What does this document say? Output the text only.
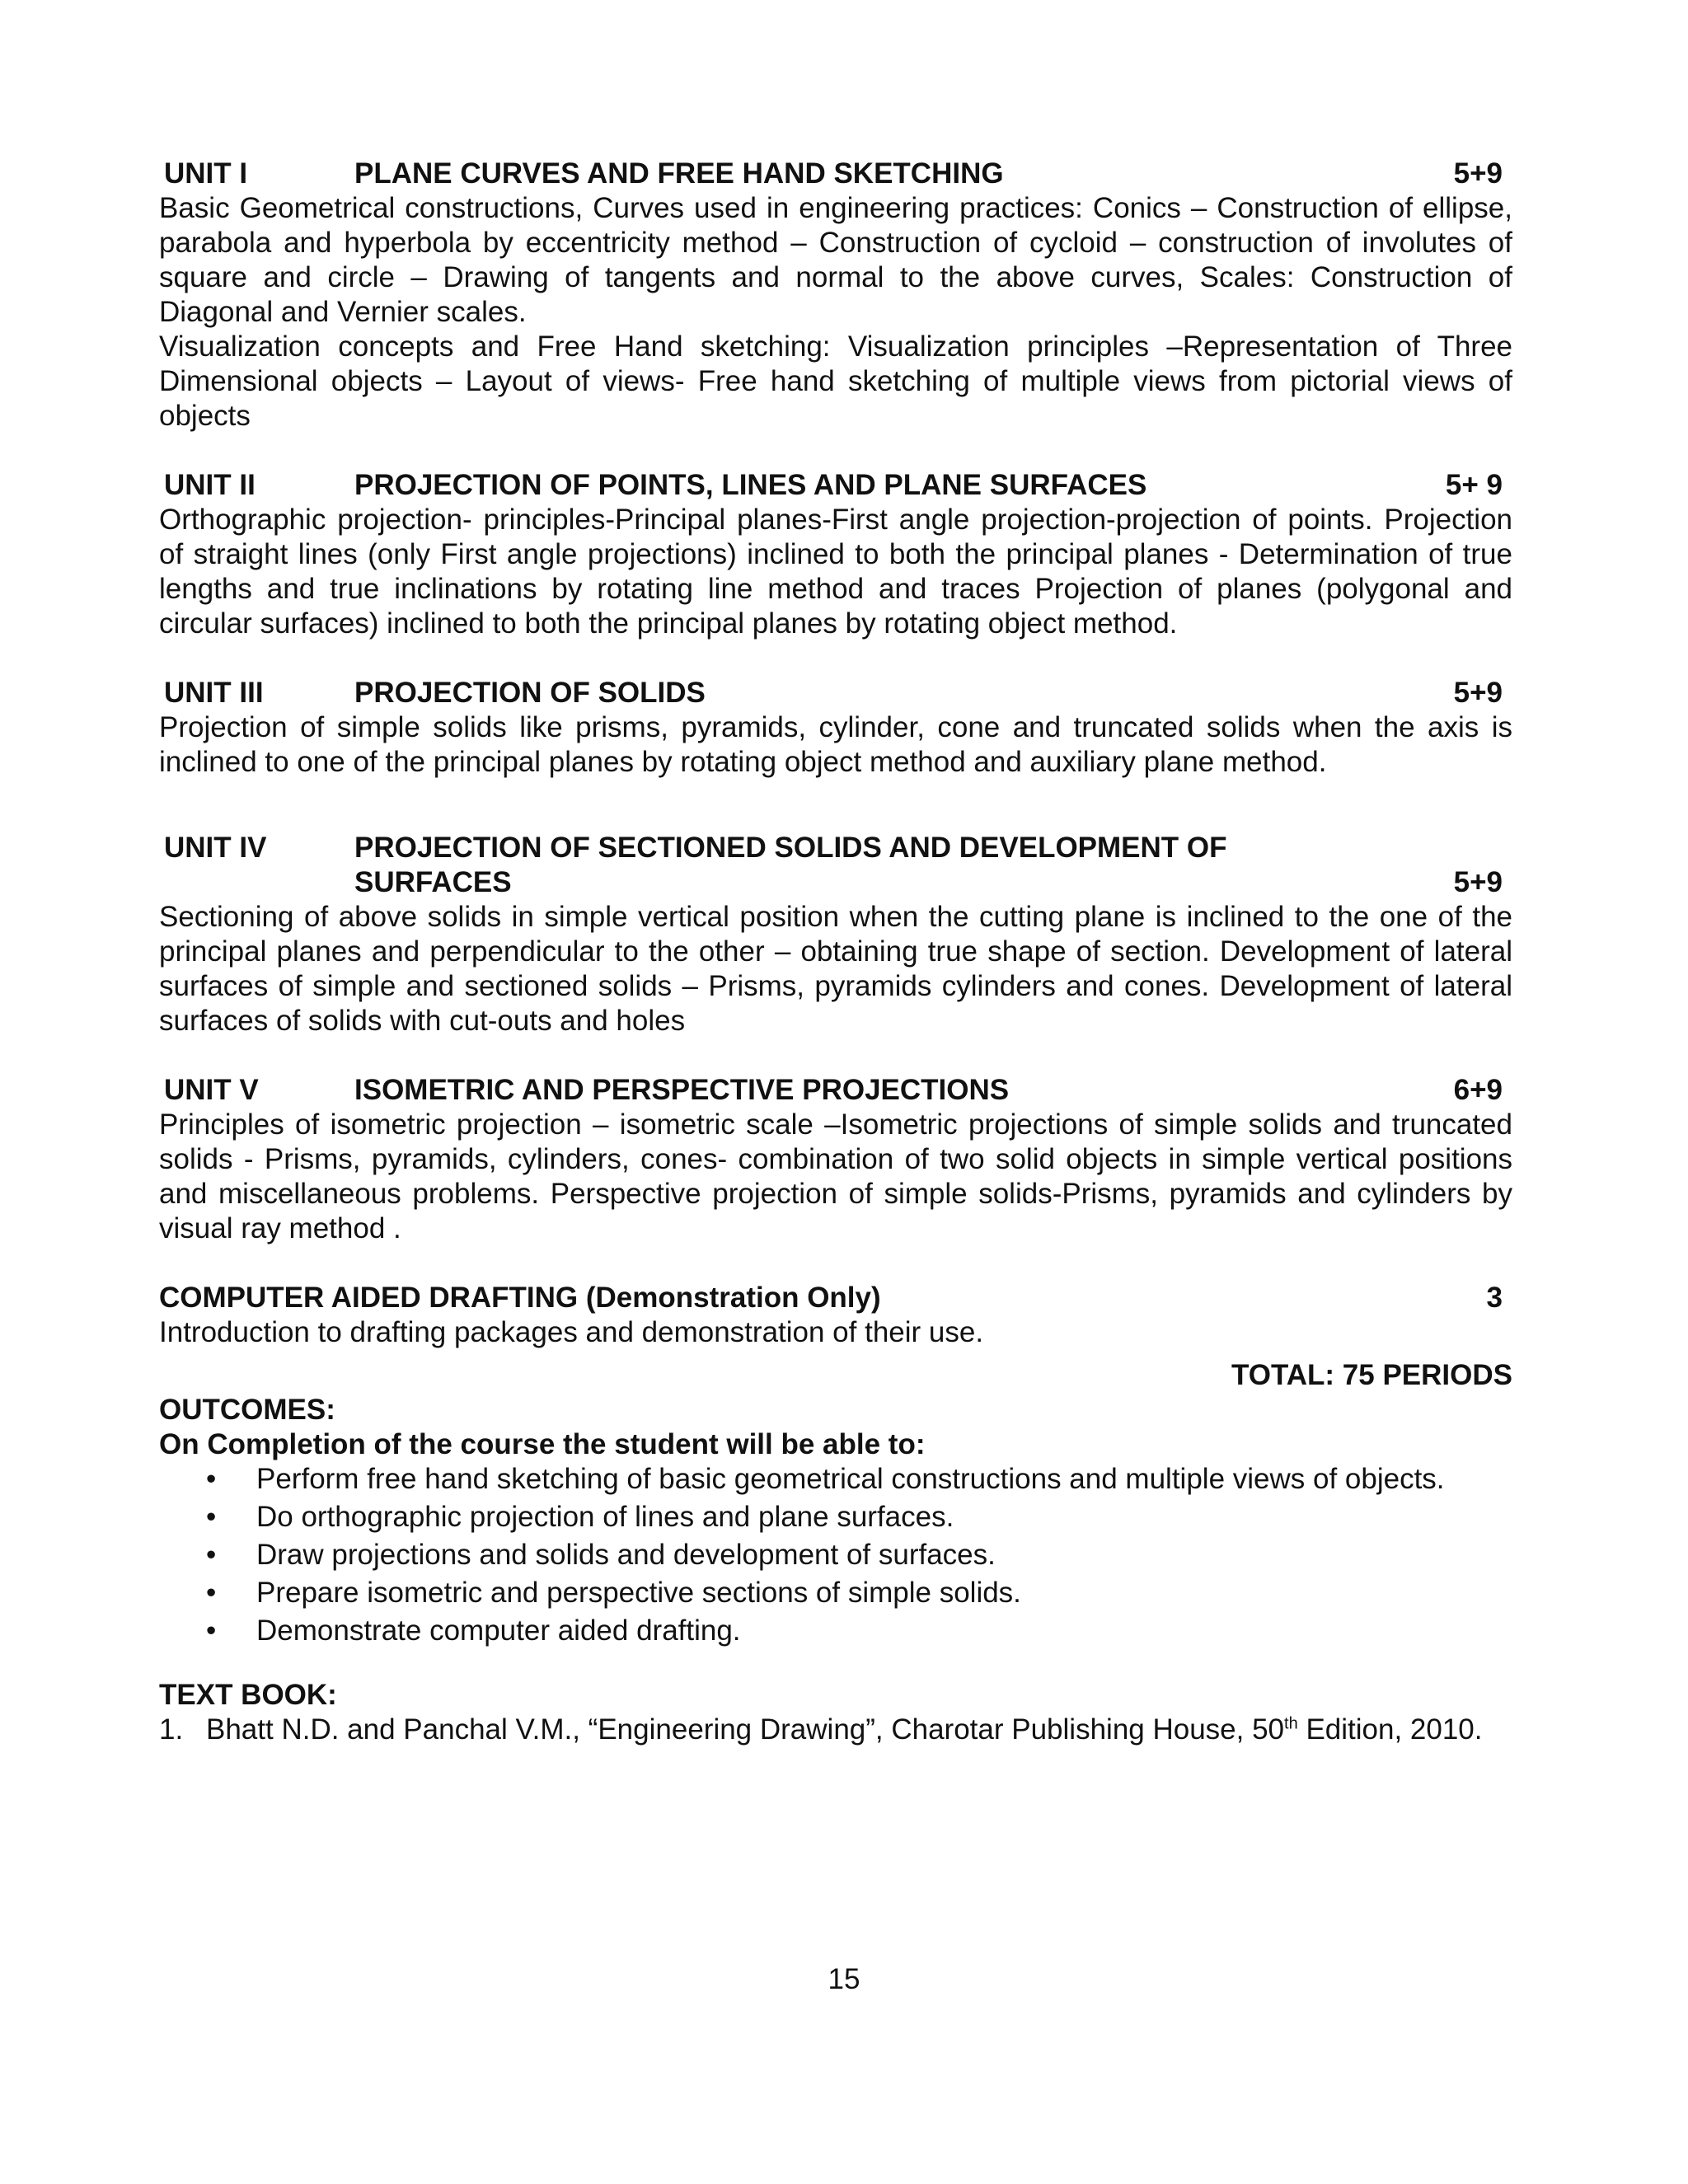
UNIT I	PLANE CURVES AND FREE HAND SKETCHING	5+9

Basic Geometrical constructions, Curves used in engineering practices: Conics – Construction of ellipse, parabola and hyperbola by eccentricity method – Construction of cycloid – construction of involutes of square and circle – Drawing of tangents and normal to the above curves, Scales: Construction of Diagonal and Vernier scales.

Visualization concepts and Free Hand sketching: Visualization principles –Representation of Three Dimensional objects – Layout of views- Free hand sketching of multiple views from pictorial views of objects

UNIT II	PROJECTION OF POINTS, LINES AND PLANE SURFACES	5+ 9

Orthographic projection- principles-Principal planes-First angle projection-projection of points. Projection of straight lines (only First angle projections) inclined to both the principal planes - Determination of true lengths and true inclinations by rotating line method and traces Projection of planes (polygonal and circular surfaces) inclined to both the principal planes by rotating object method.

UNIT III	PROJECTION OF SOLIDS	5+9

Projection of simple solids like prisms, pyramids, cylinder, cone and truncated solids when the axis is inclined to one of the principal planes by rotating object method and auxiliary plane method.

UNIT IV	PROJECTION OF SECTIONED SOLIDS AND DEVELOPMENT OF
SURFACES	5+9

Sectioning of above solids in simple vertical position when the cutting plane is inclined to the one of the principal planes and perpendicular to the other – obtaining true shape of section. Development of lateral surfaces of simple and sectioned solids – Prisms, pyramids cylinders and cones. Development of lateral surfaces of solids with cut-outs and holes

UNIT V	ISOMETRIC AND PERSPECTIVE PROJECTIONS	6+9

Principles of isometric projection – isometric scale –Isometric projections of simple solids and truncated solids - Prisms, pyramids, cylinders, cones- combination of two solid objects in simple vertical positions and miscellaneous problems. Perspective projection of simple solids-Prisms, pyramids and cylinders by visual ray method .

COMPUTER AIDED DRAFTING (Demonstration Only)	3

Introduction to drafting packages and demonstration of their use.

TOTAL: 75 PERIODS
OUTCOMES:
On Completion of the course the student will be able to:
• Perform free hand sketching of basic geometrical constructions and multiple views of objects.
• Do orthographic projection of lines and plane surfaces.
• Draw projections and solids and development of surfaces.
• Prepare isometric and perspective sections of simple solids.
• Demonstrate computer aided drafting.
TEXT BOOK:
1. Bhatt N.D. and Panchal V.M., “Engineering Drawing”, Charotar Publishing House, 50th Edition, 2010.
15
